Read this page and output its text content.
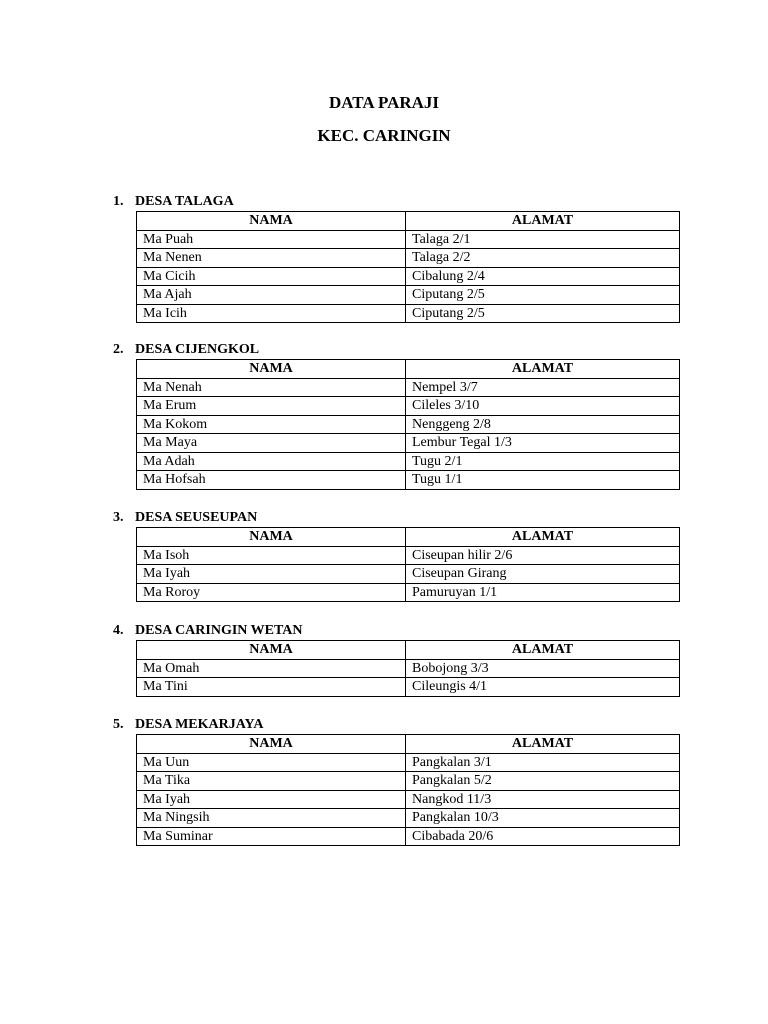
DATA PARAJI
KEC. CARINGIN
1. DESA TALAGA
NAMA	ALAMAT
Ma Puah	Talaga 2/1
Ma Nenen	Talaga 2/2
Ma Cicih	Cibalung 2/4
Ma Ajah	Ciputang 2/5
Ma Icih	Ciputang 2/5
2. DESA CIJENGKOL
NAMA	ALAMAT
Ma Nenah	Nempel 3/7
Ma Erum	Cileles 3/10
Ma Kokom	Nenggeng 2/8
Ma Maya	Lembur Tegal 1/3
Ma Adah	Tugu 2/1
Ma Hofsah	Tugu 1/1
3. DESA SEUSEUPAN
NAMA	ALAMAT
Ma Isoh	Ciseupan hilir 2/6
Ma Iyah	Ciseupan Girang
Ma Roroy	Pamuruyan 1/1
4. DESA CARINGIN WETAN
NAMA	ALAMAT
Ma Omah	Bobojong 3/3
Ma Tini	Cileungis 4/1
5. DESA MEKARJAYA
NAMA	ALAMAT
Ma Uun	Pangkalan 3/1
Ma Tika	Pangkalan 5/2
Ma Iyah	Nangkod 11/3
Ma Ningsih	Pangkalan 10/3
Ma Suminar	Cibabada 20/6
